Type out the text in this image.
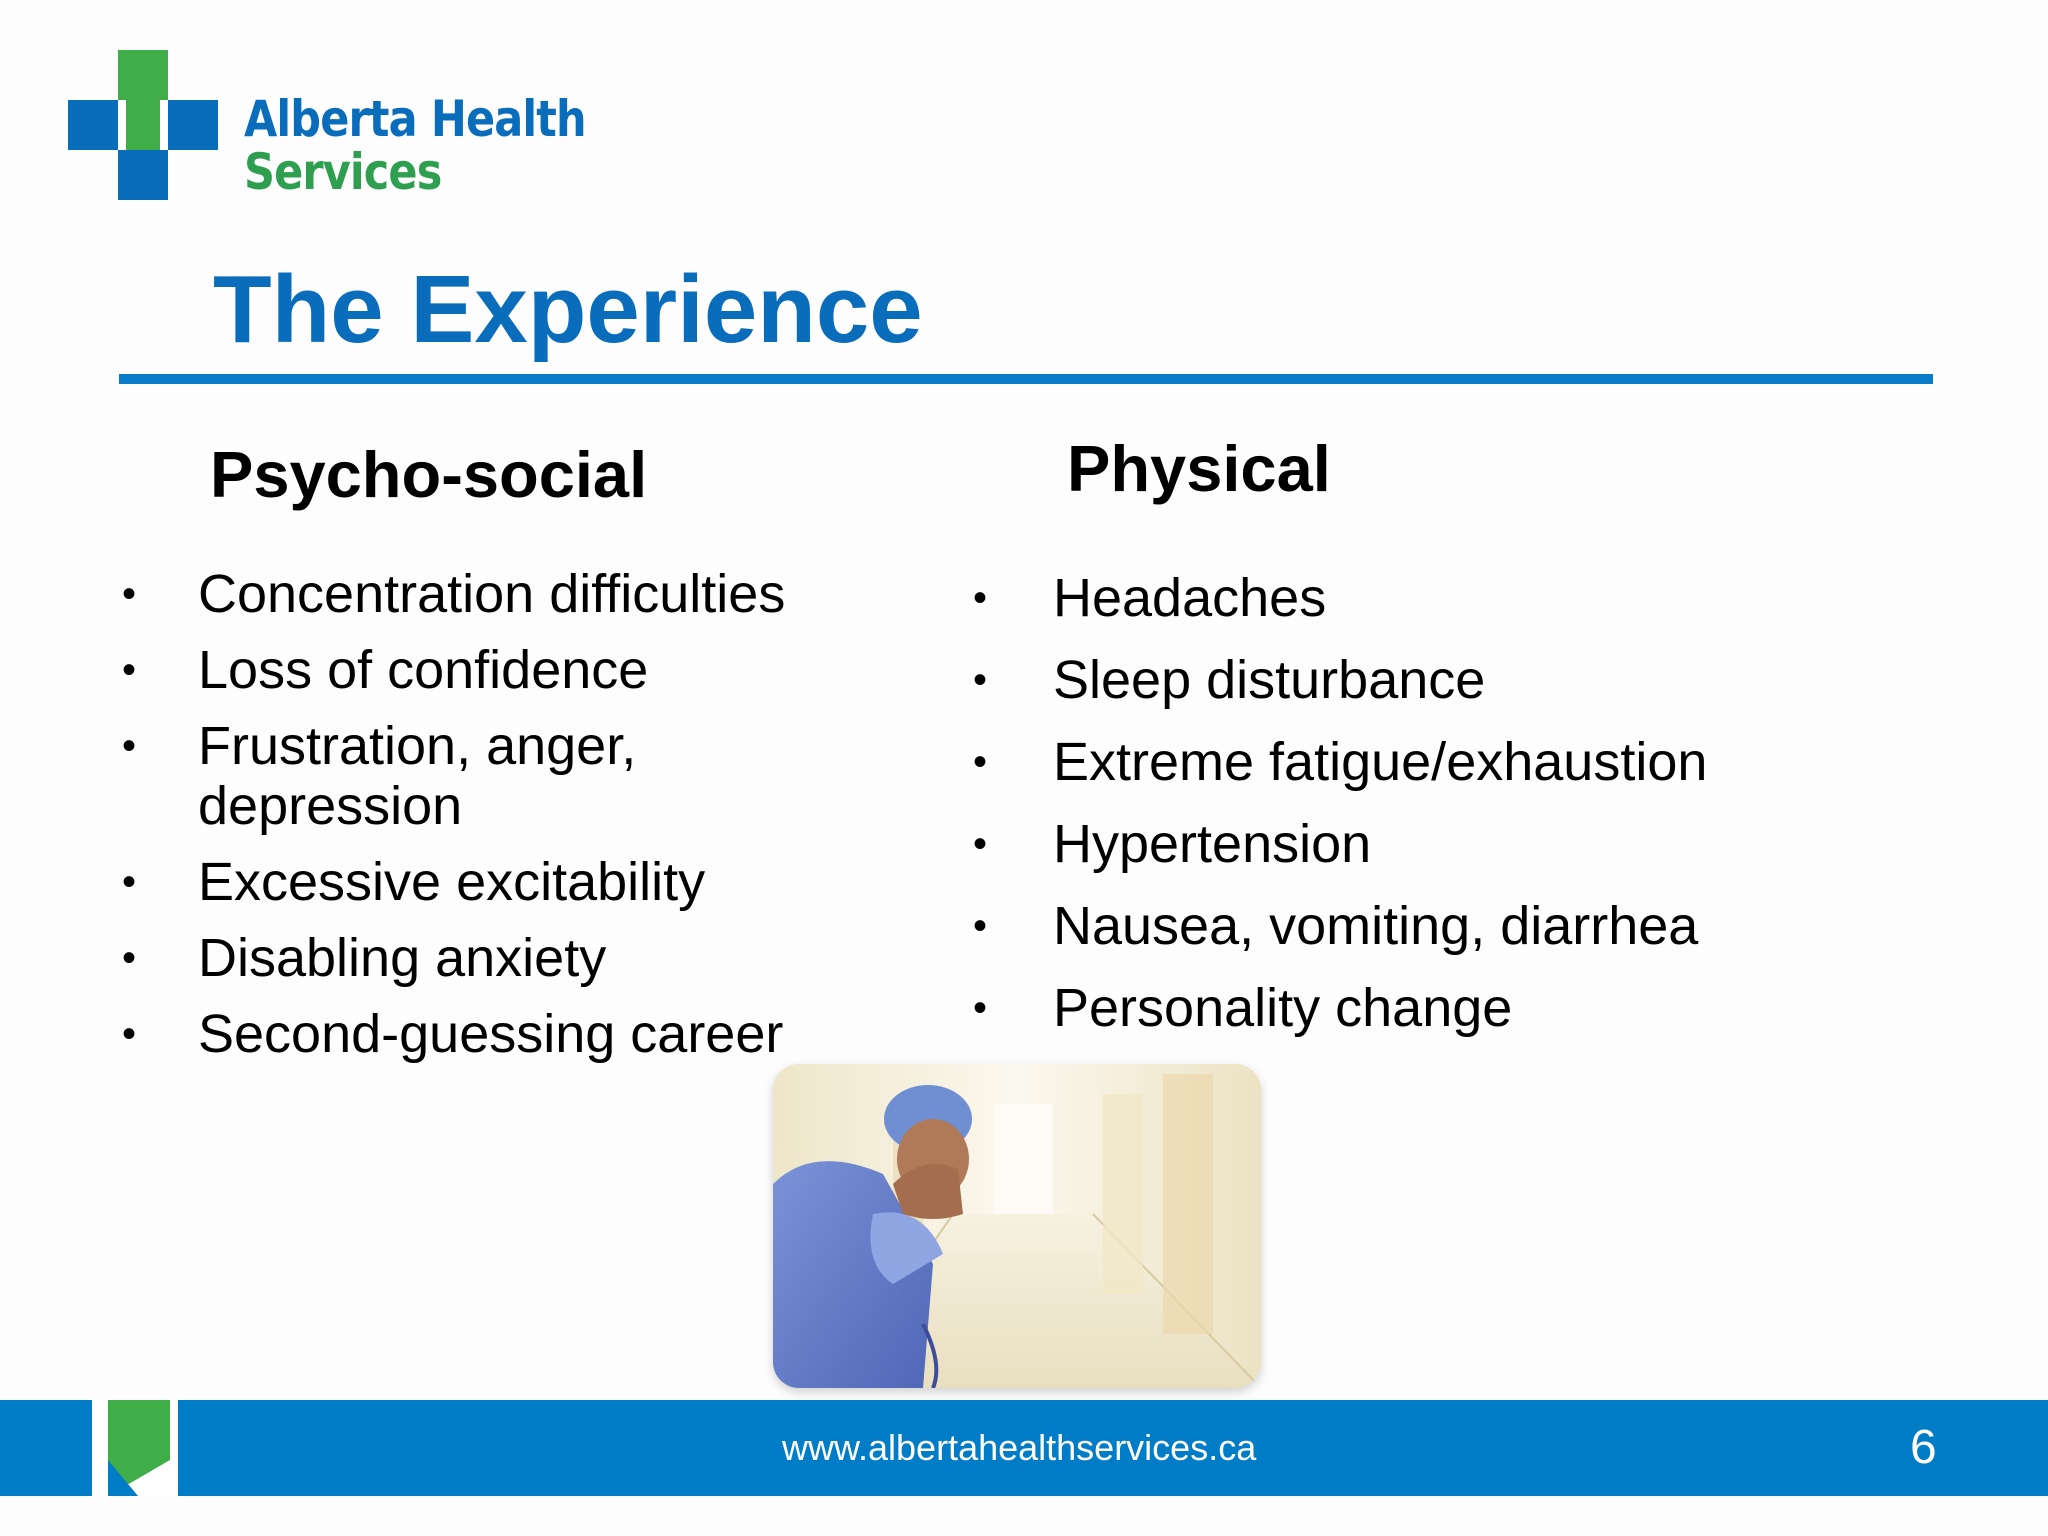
Alberta Health
Services
The Experience
Psycho-social
• Concentration difficulties
• Loss of confidence
• Frustration, anger, depression
• Excessive excitability
• Disabling anxiety
• Second-guessing career
Physical
• Headaches
• Sleep disturbance
• Extreme fatigue/exhaustion
• Hypertension
• Nausea, vomiting, diarrhea
• Personality change
www.albertahealthservices.ca	6
